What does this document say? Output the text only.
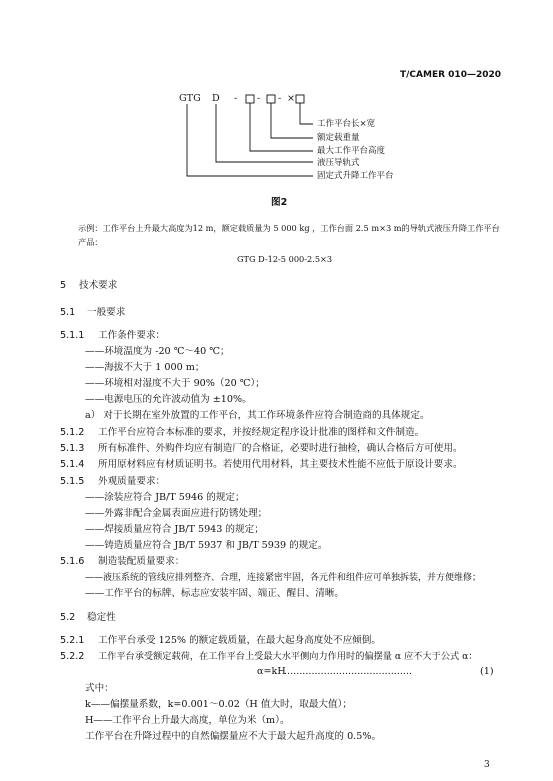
T/CAMER 010—2020
GTG D - - - ×
工作平台长×宽
额定载重量
最大工作平台高度
液压导轨式
固定式升降工作平台
图2
示例：工作平台上升最大高度为12 m，额定载质量为 5 000 kg ，工作台面 2.5 m×3 m的导轨式液压升降工作平台
产品：
GTG D-12-5 000-2.5×3
5 技术要求
5.1 一般要求
5.1.1 工作条件要求：
——环境温度为 -20 ℃～40 ℃；
——海拔不大于 1 000 m；
——环境相对湿度不大于 90%（20 ℃）；
——电源电压的允许波动值为 ±10%。
a） 对于长期在室外放置的工作平台，其工作环境条件应符合制造商的具体规定。
5.1.2 工作平台应符合本标准的要求，并按经规定程序设计批准的图样和文件制造。
5.1.3 所有标准件、外购件均应有制造厂的合格证，必要时进行抽检，确认合格后方可使用。
5.1.4 所用原材料应有材质证明书。若使用代用材料，其主要技术性能不应低于原设计要求。
5.1.5 外观质量要求：
——涂装应符合 JB/T 5946 的规定；
——外露非配合金属表面应进行防锈处理；
——焊接质量应符合 JB/T 5943 的规定；
——铸造质量应符合 JB/T 5937 和 JB/T 5939 的规定。
5.1.6 制造装配质量要求：
——液压系统的管线应排列整齐、合理，连接紧密牢固，各元件和组件应可单独拆装，并方便维修；
——工作平台的标牌、标志应安装牢固、端正、醒目、清晰。
5.2 稳定性
5.2.1 工作平台承受 125% 的额定载质量，在最大起身高度处不应倾倒。
5.2.2 工作平台承受额定载荷，在工作平台上受最大水平侧向力作用时的偏摆量 α 应不大于公式 α：
α=kH
..........................................	(1)
式中：
k——偏摆量系数，k=0.001～0.02（H 值大时，取最大值）；
H——工作平台上升最大高度，单位为米（m）。
工作平台在升降过程中的自然偏摆量应不大于最大起升高度的 0.5%。
3
